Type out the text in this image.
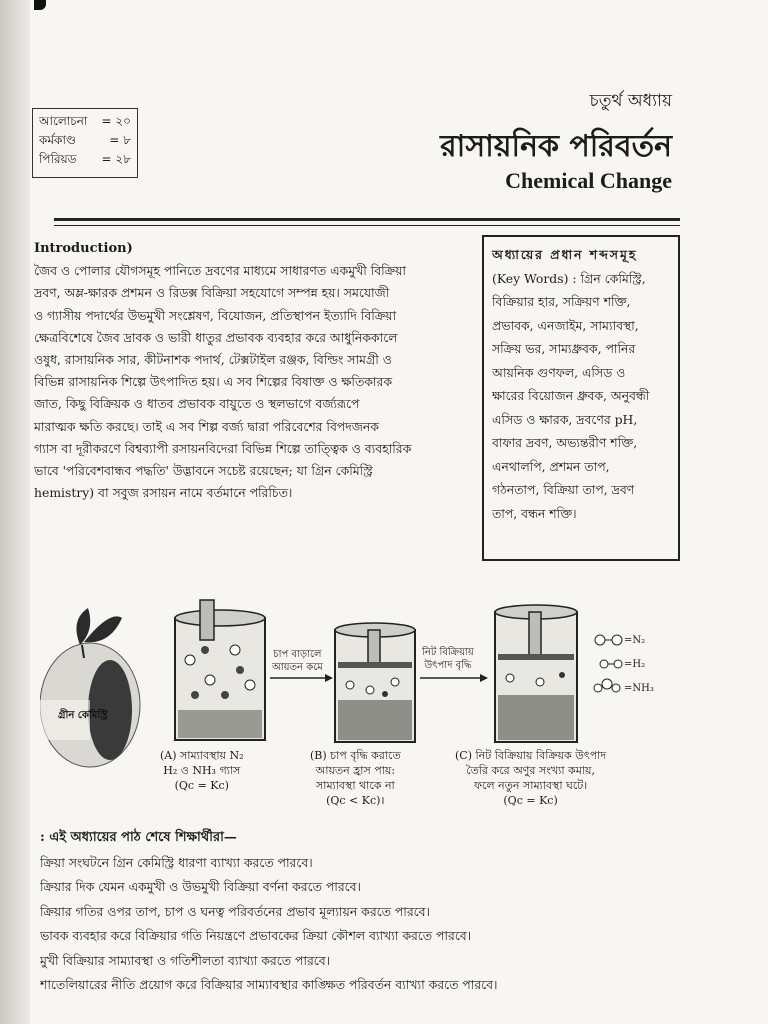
আলোচনা = ২০
কর্মকাণ্ড	= ৮
পিরিয়ড = ২৮
চতুর্থ অধ্যায়
রাসায়নিক পরিবর্তন
Chemical Change
Introduction)
জৈব ও পোলার যৌগসমূহ পানিতে দ্রবণের মাধ্যমে সাধারণত একমুখী বিক্রিয়া
দ্রবণ, অম্ল-ক্ষারক প্রশমন ও রিডক্স বিক্রিয়া সহযোগে সম্পন্ন হয়। সমযোজী
ও গ্যাসীয় পদার্থের উভমুখী সংশ্লেষণ, বিযোজন, প্রতিস্থাপন ইত্যাদি বিক্রিয়া
ক্ষেত্রবিশেষে জৈব দ্রাবক ও ভারী ধাতুর প্রভাবক ব্যবহার করে আধুনিককালে
ওষুধ, রাসায়নিক সার, কীটনাশক পদার্থ, টেক্সটাইল রঞ্জক, বিল্ডিং সামগ্রী ও
বিভিন্ন রাসায়নিক শিল্পে উৎপাদিত হয়। এ সব শিল্পের বিষাক্ত ও ক্ষতিকারক
জাত, কিছু বিক্রিয়ক ও ধাতব প্রভাবক বায়ুতে ও স্থলভাগে বর্জ্যরূপে
মারাত্মক ক্ষতি করছে। তাই এ সব শিল্প বর্জ্য দ্বারা পরিবেশের বিপদজনক
গ্যাস বা দূরীকরণে বিশ্বব্যাপী রসায়নবিদেরা বিভিন্ন শিল্পে তাত্ত্বিক ও ব্যবহারিক
ভাবে 'পরিবেশবান্ধব পদ্ধতি' উদ্ভাবনে সচেষ্ট রয়েছেন; যা গ্রিন কেমিস্ট্রি
hemistry) বা সবুজ রসায়ন নামে বর্তমানে পরিচিত।
অধ্যায়ের প্রধান শব্দসমূহ
(Key Words) : গ্রিন কেমিস্ট্রি,
বিক্রিয়ার হার, সক্রিয়ণ শক্তি,
প্রভাবক, এনজাইম, সাম্যাবস্থা,
সক্রিয় ভর, সাম্যধ্রুবক, পানির
আয়নিক গুণফল, এসিড ও
ক্ষারের বিয়োজন ধ্রুবক, অনুবন্ধী
এসিড ও ক্ষারক, দ্রবণের pH,
বাফার দ্রবণ, অভ্যন্তরীণ শক্তি,
এনথালপি, প্রশমন তাপ,
গঠনতাপ, বিক্রিয়া তাপ, দ্রবণ
তাপ, বন্ধন শক্তি।
গ্রীন কেমিস্ট্রি
চাপ বাড়ালে
আয়তন কমে
নিট বিক্রিয়ায়
উৎপাদ বৃদ্ধি
=N₂
=H₂
=NH₃
(A) সাম্যাবস্থায় N₂
H₂ ও NH₃ গ্যাস
(Qc = Kc)
(B) চাপ বৃদ্ধি করাতে
আয়তন হ্রাস পায়:
সাম্যাবস্থা থাকে না
(Qc < Kc)।
(C) নিট বিক্রিয়ায় বিক্রিয়ক উৎপাদ
তৈরি করে অণুর সংখ্যা কমায়,
ফলে নতুন সাম্যাবস্থা ঘটে।
(Qc = Kc)
: এই অধ্যায়ের পাঠ শেষে শিক্ষার্থীরা—
ক্রিয়া সংঘটনে গ্রিন কেমিস্ট্রি ধারণা ব্যাখ্যা করতে পারবে।
ক্রিয়ার দিক যেমন একমুখী ও উভমুখী বিক্রিয়া বর্ণনা করতে পারবে।
ক্রিয়ার গতির ওপর তাপ, চাপ ও ঘনত্ব পরিবর্তনের প্রভাব মূল্যায়ন করতে পারবে।
ভাবক ব্যবহার করে বিক্রিয়ার গতি নিয়ন্ত্রণে প্রভাবকের ক্রিয়া কৌশল ব্যাখ্যা করতে পারবে।
মুখী বিক্রিয়ার সাম্যাবস্থা ও গতিশীলতা ব্যাখ্যা করতে পারবে।
শাতেলিয়ারের নীতি প্রয়োগ করে বিক্রিয়ার সাম্যাবস্থার কাঙ্ক্ষিত পরিবর্তন ব্যাখ্যা করতে পারবে।
